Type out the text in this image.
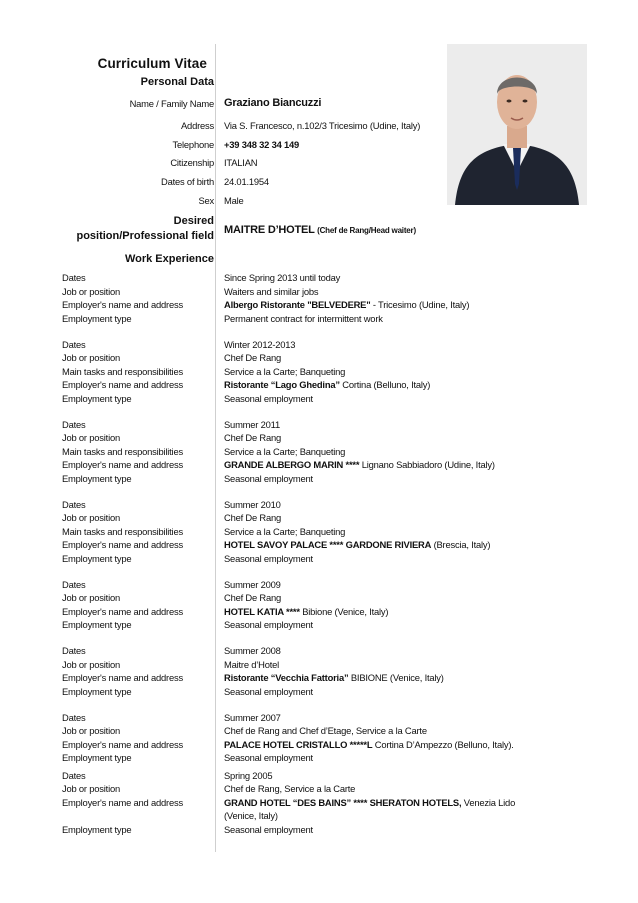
Curriculum Vitae
Personal Data
Name / Family Name Graziano Biancuzzi
Address Via S. Francesco, n.102/3 Tricesimo (Udine, Italy)
Telephone +39 348 32 34 149
Citizenship ITALIAN
Dates of birth 24.01.1954
Sex Male
Desired
position/Professional field MAITRE D’HOTEL (Chef de Rang/Head waiter)
Work Experience
Dates	Since Spring 2013 until today
Job or position	Waiters and similar jobs
Employer's name and address	Albergo Ristorante "BELVEDERE" - Tricesimo (Udine, Italy)
Employment type	Permanent contract for intermittent work
Dates	Winter 2012-2013
Job or position	Chef De Rang
Main tasks and responsibilities	Service a la Carte; Banqueting
Employer's name and address	Ristorante “Lago Ghedina” Cortina (Belluno, Italy)
Employment type	Seasonal employment
Dates	Summer 2011
Job or position	Chef De Rang
Main tasks and responsibilities	Service a la Carte; Banqueting
Employer's name and address	GRANDE ALBERGO MARIN **** Lignano Sabbiadoro (Udine, Italy)
Employment type	Seasonal employment
Dates	Summer 2010
Job or position	Chef De Rang
Main tasks and responsibilities	Service a la Carte; Banqueting
Employer's name and address	HOTEL SAVOY PALACE **** GARDONE RIVIERA (Brescia, Italy)
Employment type	Seasonal employment
Dates	Summer 2009
Job or position	Chef De Rang
Employer's name and address	HOTEL KATIA **** Bibione (Venice, Italy)
Employment type	Seasonal employment
Dates	Summer 2008
Job or position	Maitre d’Hotel
Employer's name and address	Ristorante “Vecchia Fattoria” BIBIONE (Venice, Italy)
Employment type	Seasonal employment
Dates	Summer 2007
Job or position	Chef de Rang and Chef d’Etage, Service a la Carte
Employer's name and address	PALACE HOTEL CRISTALLO *****L Cortina D’Ampezzo (Belluno, Italy).
Employment type	Seasonal employment
Dates	Spring 2005
Job or position	Chef de Rang, Service a la Carte
Employer's name and address	GRAND HOTEL “DES BAINS” **** SHERATON HOTELS, Venezia Lido
(Venice, Italy)
Employment type	Seasonal employment
